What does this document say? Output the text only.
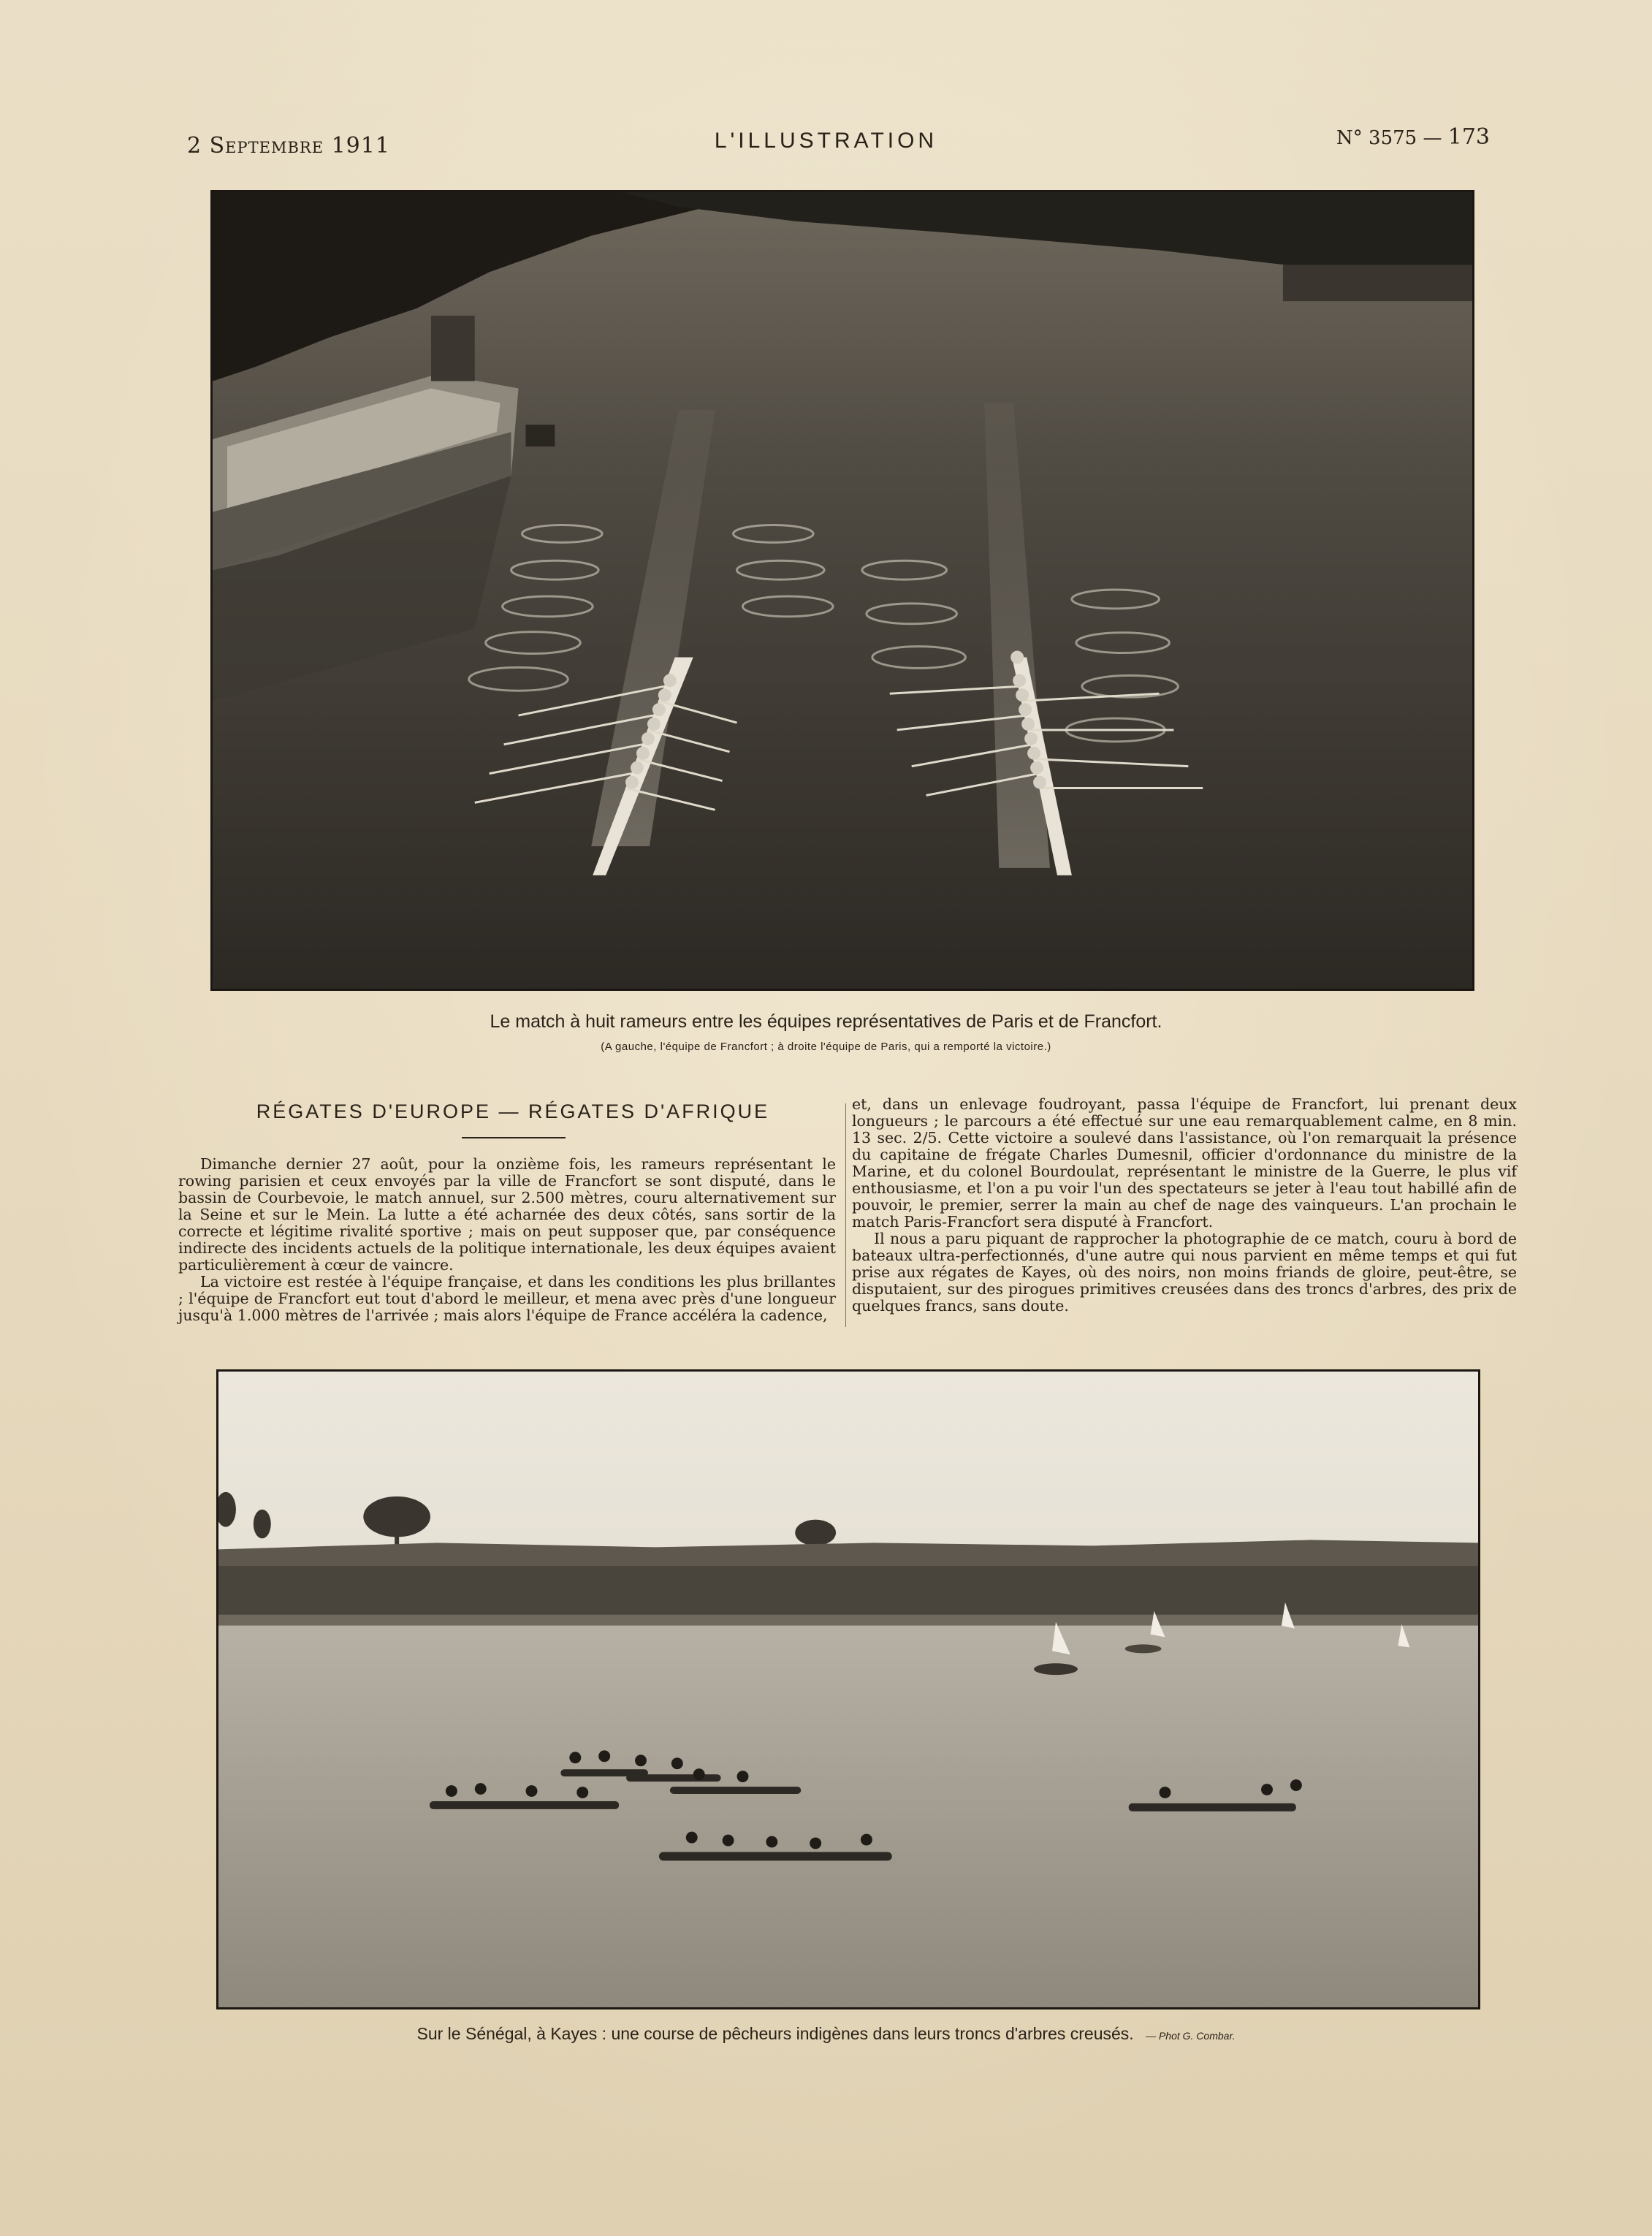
2 Septembre 1911	L'ILLUSTRATION	N° 3575 — 173
Le match à huit rameurs entre les équipes représentatives de Paris et de Francfort.
(A gauche, l'équipe de Francfort ; à droite l'équipe de Paris, qui a remporté la victoire.)
RÉGATES D'EUROPE — RÉGATES D'AFRIQUE

Dimanche dernier 27 août, pour la onzième fois, les rameurs représentant le rowing parisien et ceux envoyés par la ville de Francfort se sont disputé, dans le bassin de Courbevoie, le match annuel, sur 2.500 mètres, couru alternativement sur la Seine et sur le Mein. La lutte a été acharnée des deux côtés, sans sortir de la correcte et légitime rivalité sportive ; mais on peut supposer que, par conséquence indirecte des incidents actuels de la politique internationale, les deux équipes avaient particulièrement à cœur de vaincre.

La victoire est restée à l'équipe française, et dans les conditions les plus brillantes ; l'équipe de Francfort eut tout d'abord le meilleur, et mena avec près d'une longueur jusqu'à 1.000 mètres de l'arrivée ; mais alors l'équipe de France accéléra la cadence,

et, dans un enlevage foudroyant, passa l'équipe de Francfort, lui prenant deux longueurs ; le parcours a été effectué sur une eau remarquablement calme, en 8 min. 13 sec. 2/5. Cette victoire a soulevé dans l'assistance, où l'on remarquait la présence du capitaine de frégate Charles Dumesnil, officier d'ordonnance du ministre de la Marine, et du colonel Bourdoulat, représentant le ministre de la Guerre, le plus vif enthousiasme, et l'on a pu voir l'un des spectateurs se jeter à l'eau tout habillé afin de pouvoir, le premier, serrer la main au chef de nage des vainqueurs. L'an prochain le match Paris-Francfort sera disputé à Francfort.

Il nous a paru piquant de rapprocher la photographie de ce match, couru à bord de bateaux ultra-perfectionnés, d'une autre qui nous parvient en même temps et qui fut prise aux régates de Kayes, où des noirs, non moins friands de gloire, peut-être, se disputaient, sur des pirogues primitives creusées dans des troncs d'arbres, des prix de quelques francs, sans doute.

Sur le Sénégal, à Kayes : une course de pêcheurs indigènes dans leurs troncs d'arbres creusés. — Phot G. Combar.
